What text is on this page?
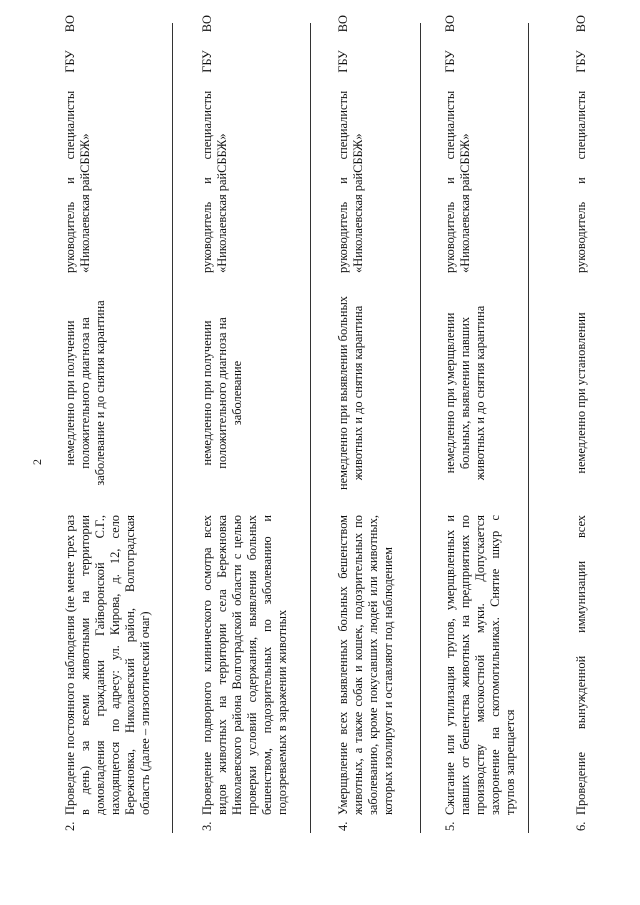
2
2.
Проведение постоянного наблюдения (не менее трех раз в день) за всеми животными на территории домовладения гражданки Гайворонской С.Г., находящегося по адресу: ул. Кирова, д. 12, село Бережновка, Николаевский район, Волгоградская область (далее – эпизоотический очаг)
немедленно при получении положительного диагноза на заболевание и до снятия карантина
руководитель и специалисты ГБУ ВО «Николаевская райСББЖ»
3.
Проведение подворного клинического осмотра всех видов животных на территории села Бережновка Николаевского района Волгоградской области с целью проверки условий содержания, выявления больных бешенством, подозрительных по заболеванию и подозреваемых в заражении животных
немедленно при получении положительного диагноза на заболевание
руководитель и специалисты ГБУ ВО «Николаевская райСББЖ»
4.
Умерщвление всех выявленных больных бешенством животных, а также собак и кошек, подозрительных по заболеванию, кроме покусавших людей или животных, которых изолируют и оставляют под наблюдением
немедленно при выявлении больных животных и до снятия карантина
руководитель и специалисты ГБУ ВО «Николаевская райСББЖ»
5.
Сжигание или утилизация трупов, умерщвленных и павших от бешенства животных на предприятиях по производству мясокостной муки. Допускается захоронение на скотомогильниках. Снятие шкур с трупов запрещается
немедленно при умерщвлении больных, выявлении павших животных и до снятия карантина
руководитель и специалисты ГБУ ВО «Николаевская райСББЖ»
6.
Проведение вынужденной иммунизации всех
немедленно при установлении
руководитель и специалисты ГБУ ВО
